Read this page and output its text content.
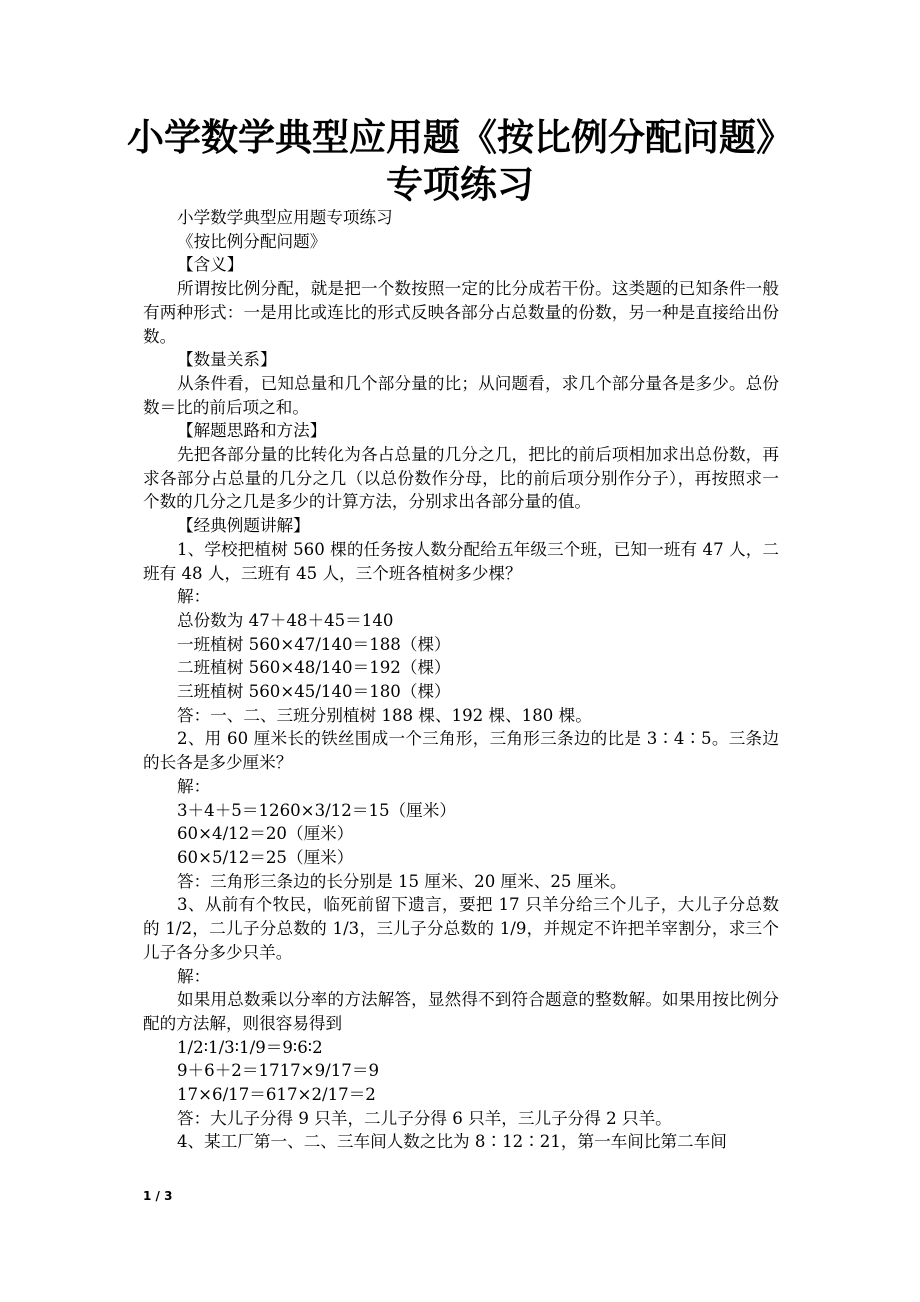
小学数学典型应用题《按比例分配问题》
专项练习

小学数学典型应用题专项练习

《按比例分配问题》

【含义】

所谓按比例分配，就是把一个数按照一定的比分成若干份。这类题的已知条件一般有两种形式：一是用比或连比的形式反映各部分占总数量的份数，另一种是直接给出份数。

【数量关系】

从条件看，已知总量和几个部分量的比；从问题看，求几个部分量各是多少。总份数＝比的前后项之和。

【解题思路和方法】

先把各部分量的比转化为各占总量的几分之几，把比的前后项相加求出总份数，再求各部分占总量的几分之几（以总份数作分母，比的前后项分别作分子），再按照求一个数的几分之几是多少的计算方法，分别求出各部分量的值。

【经典例题讲解】

1、学校把植树 560 棵的任务按人数分配给五年级三个班，已知一班有 47 人，二班有 48 人，三班有 45 人，三个班各植树多少棵？

解：

总份数为 47＋48＋45＝140

一班植树 560×47/140＝188（棵）

二班植树 560×48/140＝192（棵）

三班植树 560×45/140＝180（棵）

答：一、二、三班分别植树 188 棵、192 棵、180 棵。

2、用 60 厘米长的铁丝围成一个三角形，三角形三条边的比是 3∶4∶5。三条边的长各是多少厘米？

解：

3＋4＋5＝1260×3/12＝15（厘米）

60×4/12＝20（厘米）

60×5/12＝25（厘米）

答：三角形三条边的长分别是 15 厘米、20 厘米、25 厘米。

3、从前有个牧民，临死前留下遗言，要把 17 只羊分给三个儿子，大儿子分总数的 1/2，二儿子分总数的 1/3，三儿子分总数的 1/9，并规定不许把羊宰割分，求三个儿子各分多少只羊。

解：

如果用总数乘以分率的方法解答，显然得不到符合题意的整数解。如果用按比例分配的方法解，则很容易得到

1/2∶1/3∶1/9＝9∶6∶2

9＋6＋2＝1717×9/17＝9

17×6/17＝617×2/17＝2

答：大儿子分得 9 只羊，二儿子分得 6 只羊，三儿子分得 2 只羊。

4、某工厂第一、二、三车间人数之比为 8∶12∶21，第一车间比第二车间

1 / 3
